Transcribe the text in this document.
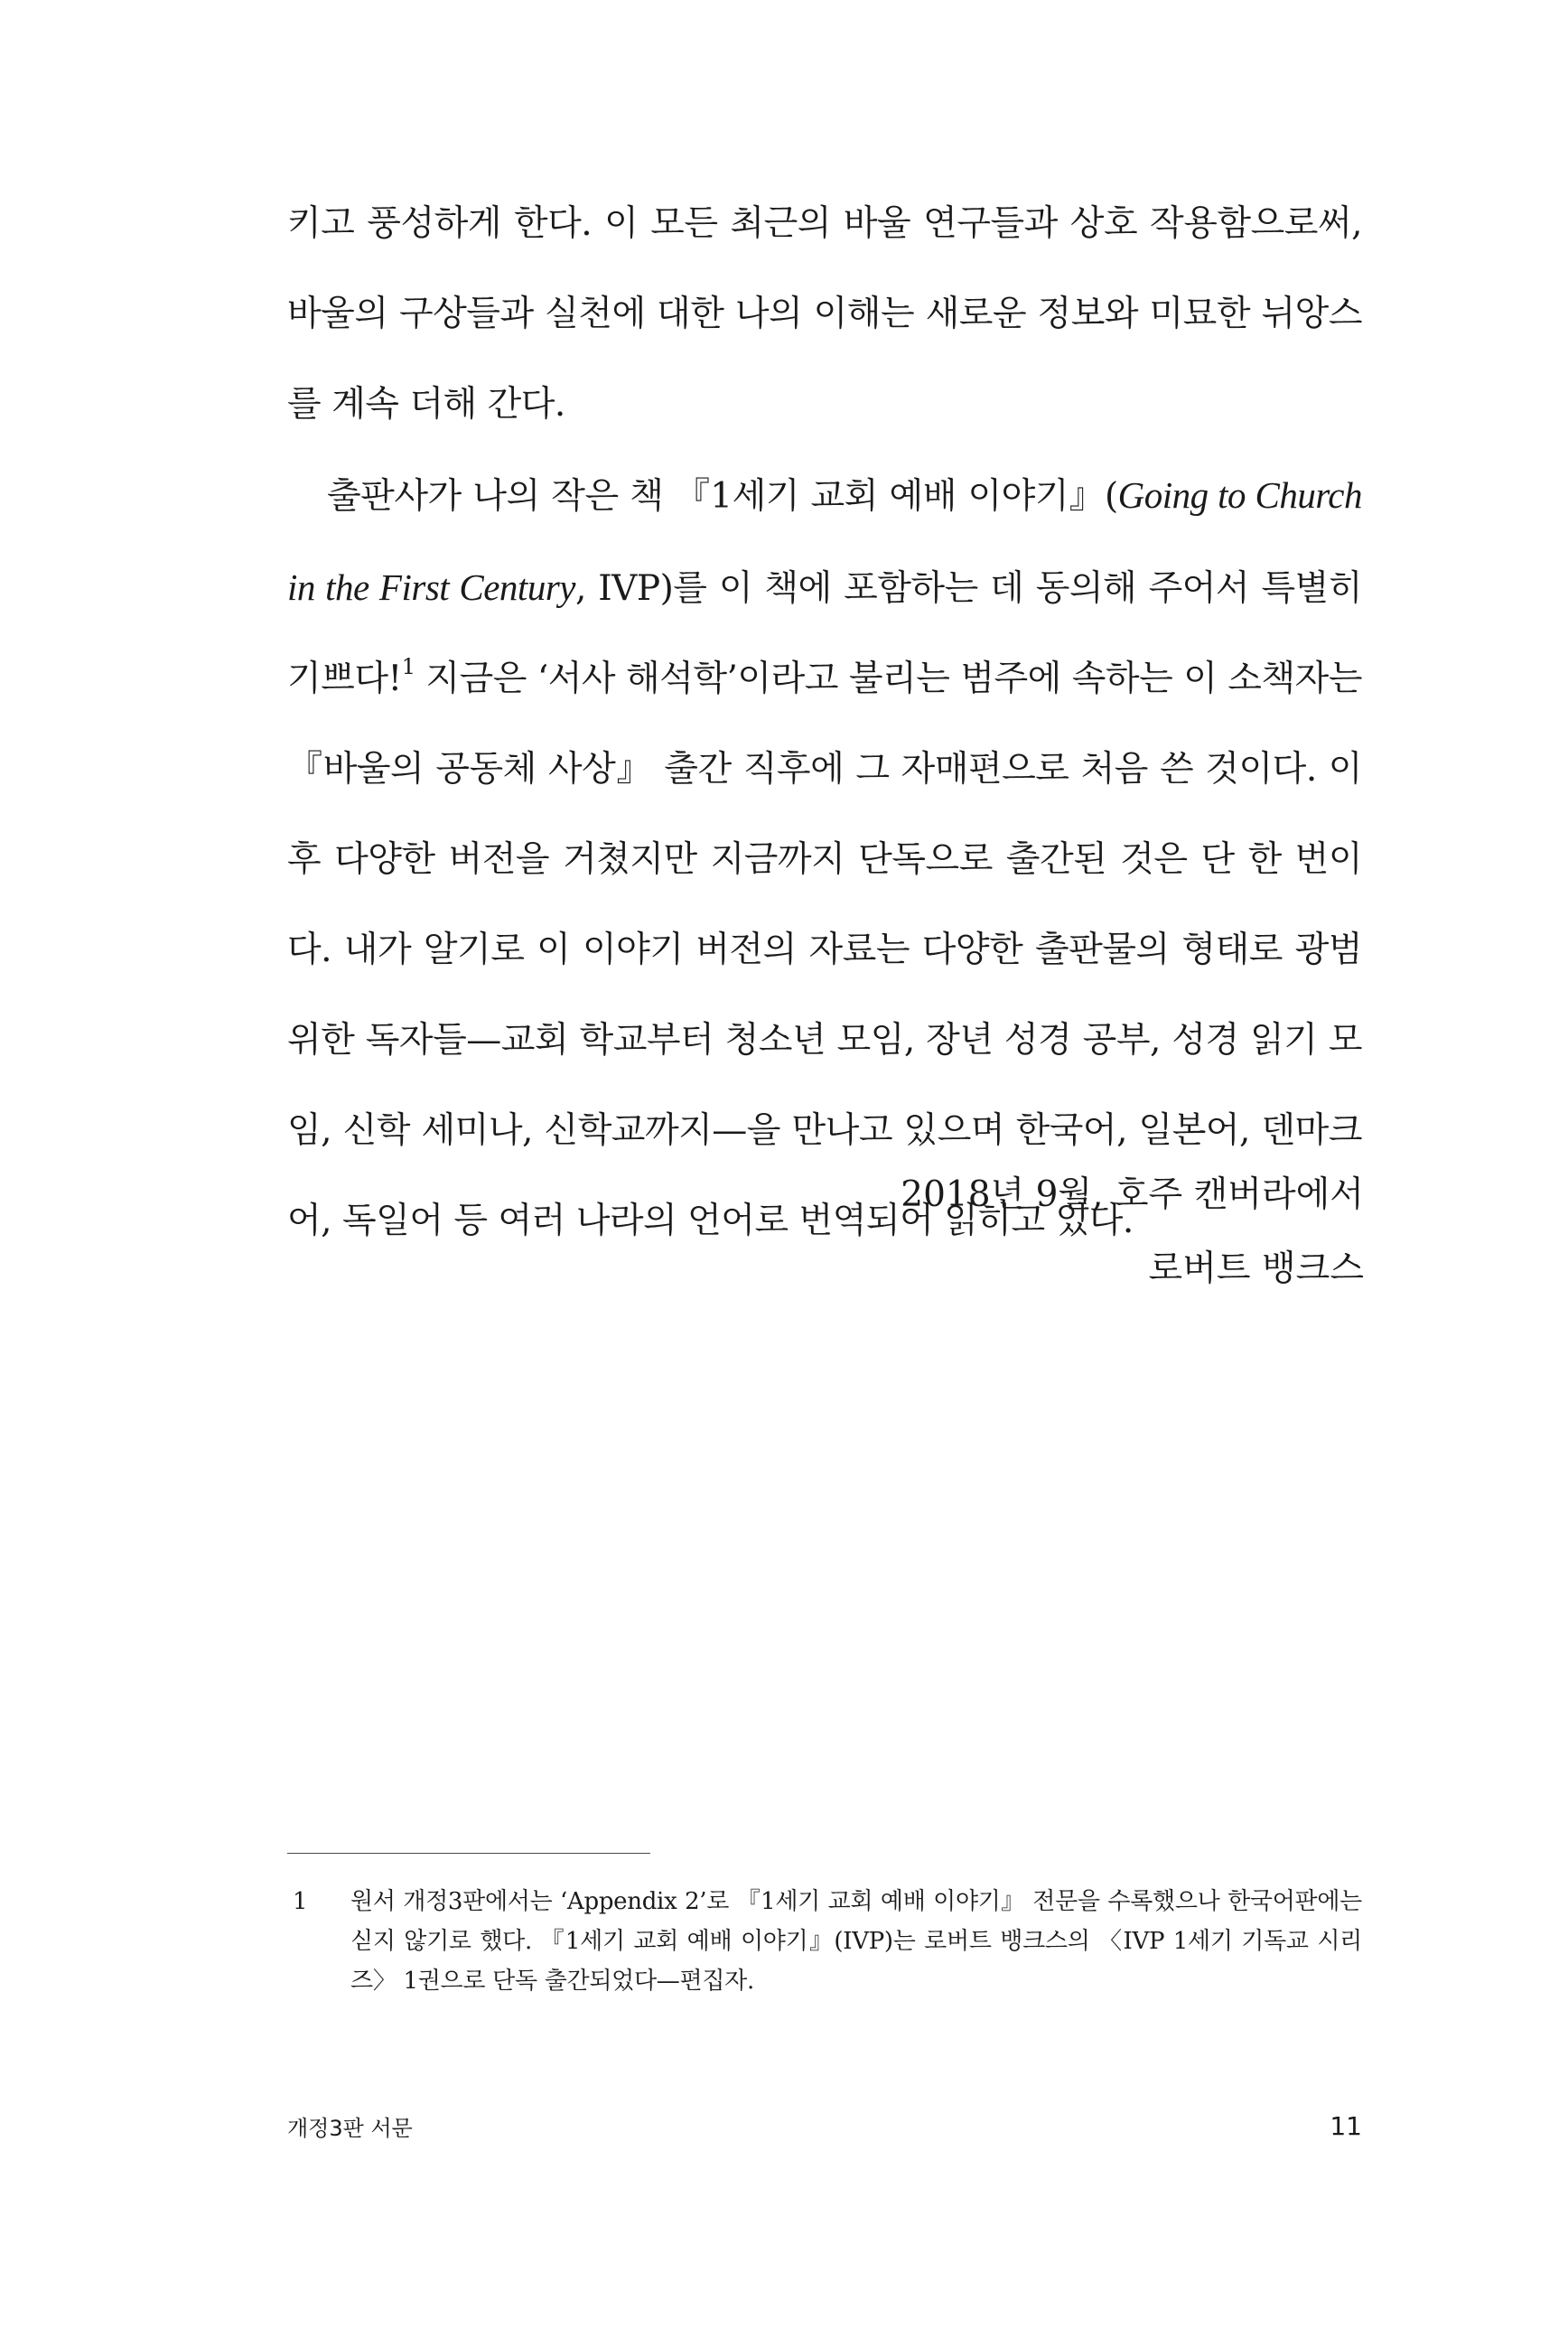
키고 풍성하게 한다. 이 모든 최근의 바울 연구들과 상호 작용함으로써, 바울의 구상들과 실천에 대한 나의 이해는 새로운 정보와 미묘한 뉘앙스를 계속 더해 간다.

출판사가 나의 작은 책 『1세기 교회 예배 이야기』(Going to Church in the First Century, IVP)를 이 책에 포함하는 데 동의해 주어서 특별히 기쁘다!$^1$ 지금은 ‘서사 해석학’이라고 불리는 범주에 속하는 이 소책자는 『바울의 공동체 사상』 출간 직후에 그 자매편으로 처음 쓴 것이다. 이후 다양한 버전을 거쳤지만 지금까지 단독으로 출간된 것은 단 한 번이다. 내가 알기로 이 이야기 버전의 자료는 다양한 출판물의 형태로 광범위한 독자들—교회 학교부터 청소년 모임, 장년 성경 공부, 성경 읽기 모임, 신학 세미나, 신학교까지—을 만나고 있으며 한국어, 일본어, 덴마크어, 독일어 등 여러 나라의 언어로 번역되어 읽히고 있다.

2018년 9월, 호주 캔버라에서
로버트 뱅크스
1	원서 개정3판에서는 ‘Appendix 2’로 『1세기 교회 예배 이야기』 전문을 수록했으나 한국어판에는 싣지 않기로 했다. 『1세기 교회 예배 이야기』(IVP)는 로버트 뱅크스의 〈IVP 1세기 기독교 시리즈〉 1권으로 단독 출간되었다—편집자.
개정3판 서문	11
